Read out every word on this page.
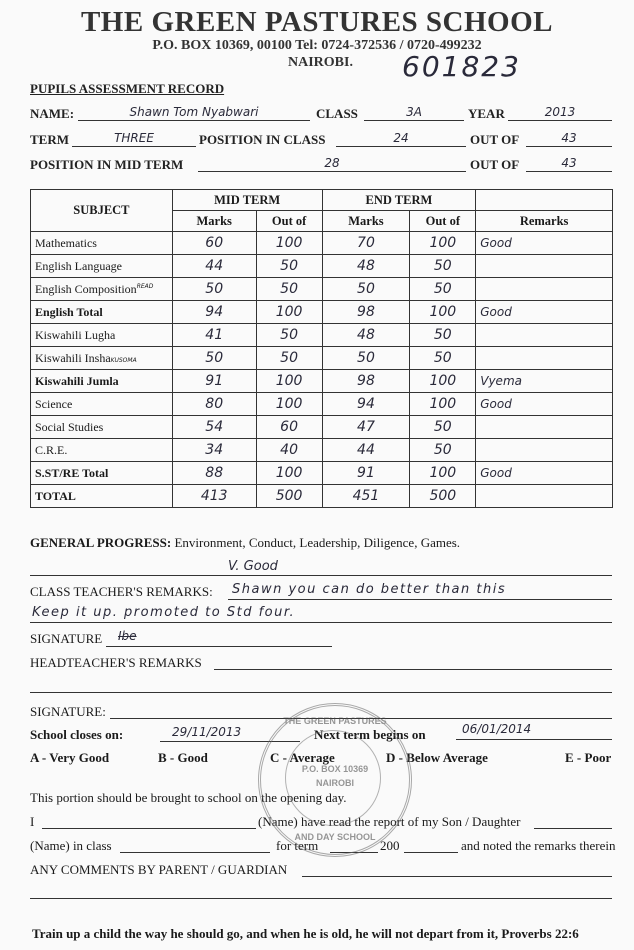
THE GREEN PASTURES SCHOOL
P.O. BOX 10369, 00100 Tel: 0724-372536 / 0720-499232
NAIROBI. 601823
PUPILS ASSESSMENT RECORD
NAME:	Shawn Tom Nyabwari	CLASS	3A	YEAR	2013
TERM	THREE	POSITION IN CLASS	24	OUT OF	43
POSITION IN MID TERM	28	OUT OF	43
SUBJECT	MID TERM		END TERM		
	Marks	Out of	Marks	Out of	Remarks
Mathematics	60	100	70	100	Good
English Language	44	50	48	50	
English Composition$^{READ}$	50	50	50	50	
English Total	94	100	98	100	Good
Kiswahili Lugha	41	50	48	50	
Kiswahili InshaKUSOMA	50	50	50	50	
Kiswahili Jumla	91	100	98	100	Vyema
Science	80	100	94	100	Good
Social Studies	54	60	47	50	
C.R.E.	34	40	44	50	
S.ST/RE Total	88	100	91	100	Good
TOTAL	413	500	451	500	
GENERAL PROGRESS: Environment, Conduct, Leadership, Diligence, Games.
V. Good
CLASS TEACHER'S REMARKS: Shawn you can do better than this
Keep it up. promoted to Std four.
SIGNATURE Ibe
HEADTEACHER'S REMARKS
SIGNATURE:
School closes on:	29/11/2013	Next term begins on	06/01/2014
A - Very Good	B - Good	C - Average	D - Below Average	E - Poor
This portion should be brought to school on the opening day.
I	(Name) have read the report of my Son / Daughter
(Name) in class	for term	200	and noted the remarks therein
ANY COMMENTS BY PARENT / GUARDIAN
THE GREEN PASTURES
P.O. BOX 10369
NAIROBI
AND DAY SCHOOL
Train up a child the way he should go, and when he is old, he will not depart from it, Proverbs 22:6
